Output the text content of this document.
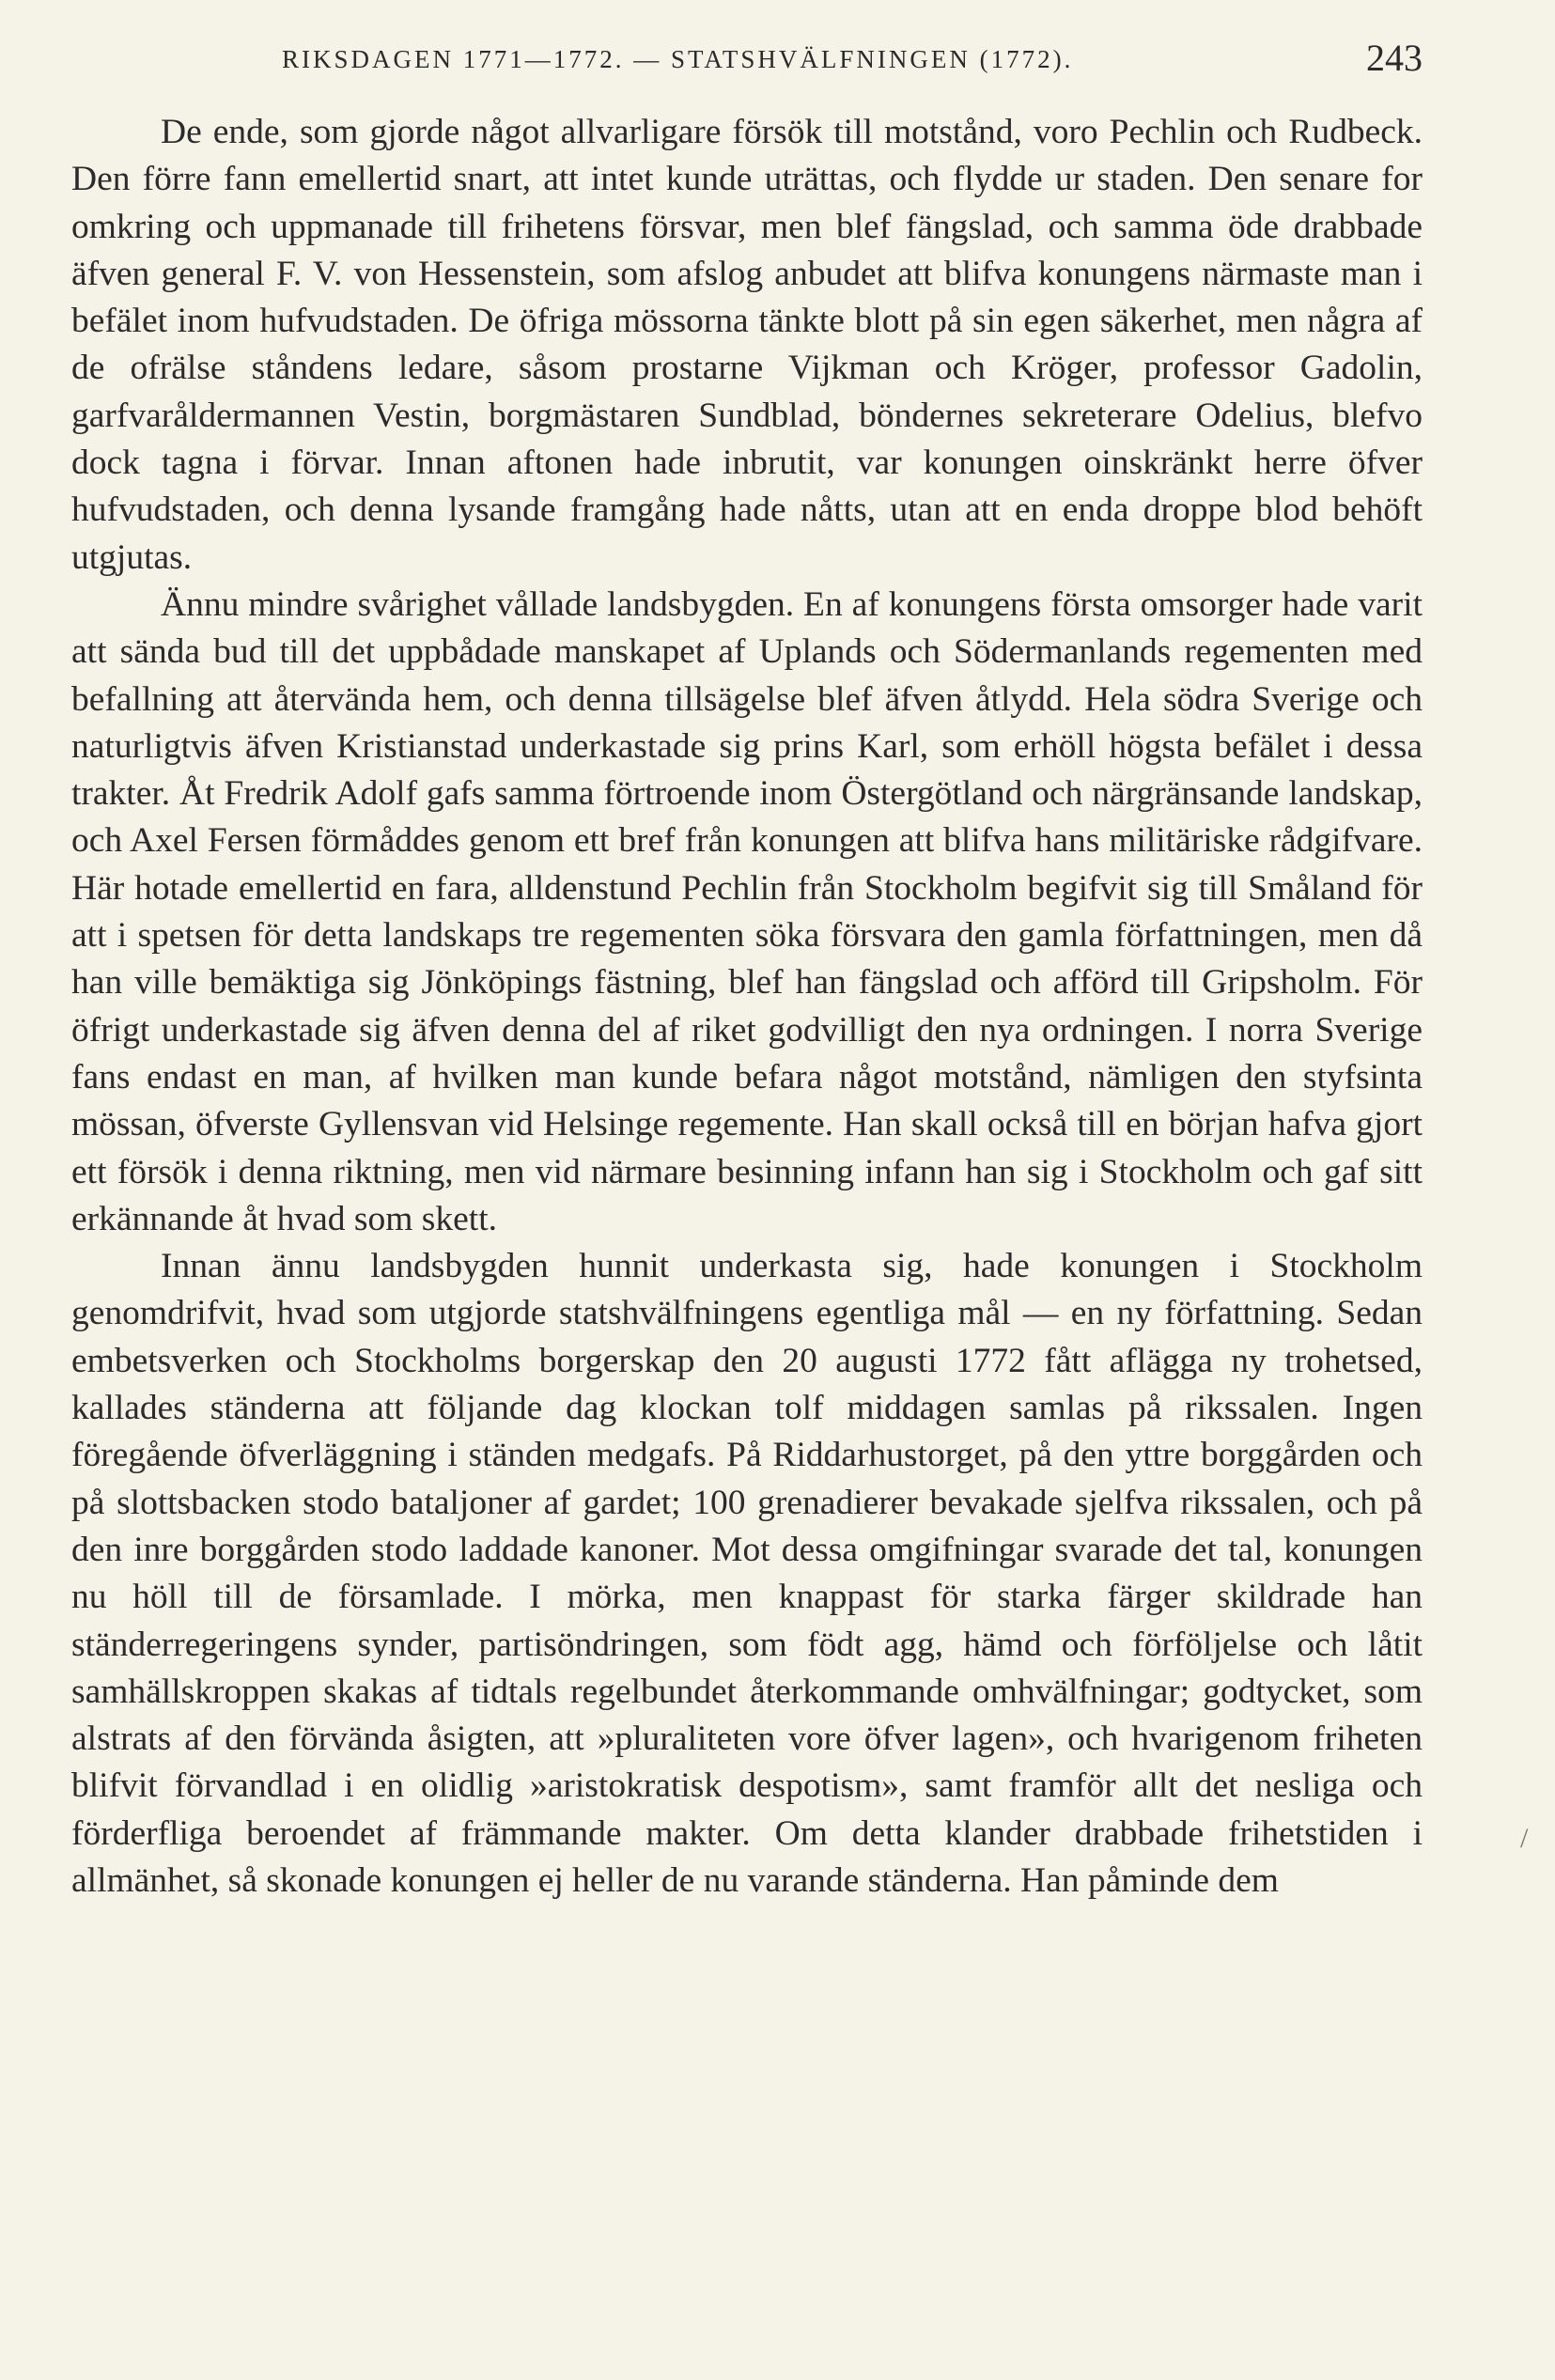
RIKSDAGEN 1771—1772. — STATSHVÄLFNINGEN (1772).	243

De ende, som gjorde något allvarligare försök till motstånd, voro Pechlin och Rudbeck. Den förre fann emellertid snart, att intet kunde uträttas, och flydde ur staden. Den senare for omkring och uppmanade till frihetens försvar, men blef fängslad, och samma öde drabbade äfven general F. V. von Hessenstein, som afslog anbudet att blifva konungens närmaste man i befälet inom hufvudstaden. De öfriga mössorna tänkte blott på sin egen säkerhet, men några af de ofrälse ståndens ledare, såsom prostarne Vijkman och Kröger, professor Gadolin, garfvaråldermannen Vestin, borgmästaren Sundblad, böndernes sekreterare Odelius, blefvo dock tagna i förvar. Innan aftonen hade inbrutit, var konungen oinskränkt herre öfver hufvudstaden, och denna lysande framgång hade nåtts, utan att en enda droppe blod behöft utgjutas.

Ännu mindre svårighet vållade landsbygden. En af konungens första omsorger hade varit att sända bud till det uppbådade manskapet af Uplands och Södermanlands regementen med befallning att återvända hem, och denna tillsägelse blef äfven åtlydd. Hela södra Sverige och naturligtvis äfven Kristianstad underkastade sig prins Karl, som erhöll högsta befälet i dessa trakter. Åt Fredrik Adolf gafs samma förtroende inom Östergötland och närgränsande landskap, och Axel Fersen förmåddes genom ett bref från konungen att blifva hans militäriske rådgifvare. Här hotade emellertid en fara, alldenstund Pechlin från Stockholm begifvit sig till Småland för att i spetsen för detta landskaps tre regementen söka försvara den gamla författningen, men då han ville bemäktiga sig Jönköpings fästning, blef han fängslad och afförd till Gripsholm. För öfrigt underkastade sig äfven denna del af riket godvilligt den nya ordningen. I norra Sverige fans endast en man, af hvilken man kunde befara något motstånd, nämligen den styfsinta mössan, öfverste Gyllensvan vid Helsinge regemente. Han skall också till en början hafva gjort ett försök i denna riktning, men vid närmare besinning infann han sig i Stockholm och gaf sitt erkännande åt hvad som skett.

Innan ännu landsbygden hunnit underkasta sig, hade konungen i Stockholm genomdrifvit, hvad som utgjorde statshvälfningens egentliga mål — en ny författning. Sedan embetsverken och Stockholms borgerskap den 20 augusti 1772 fått aflägga ny trohetsed, kallades ständerna att följande dag klockan tolf middagen samlas på rikssalen. Ingen föregående öfverläggning i ständen medgafs. På Riddarhustorget, på den yttre borggården och på slottsbacken stodo bataljoner af gardet; 100 grenadierer bevakade sjelfva rikssalen, och på den inre borggården stodo laddade kanoner. Mot dessa omgifningar svarade det tal, konungen nu höll till de församlade. I mörka, men knappast för starka färger skildrade han ständerregeringens synder, partisöndringen, som födt agg, hämd och förföljelse och låtit samhällskroppen skakas af tidtals regelbundet återkommande omhvälfningar; godtycket, som alstrats af den förvända åsigten, att »pluraliteten vore öfver lagen», och hvarigenom friheten blifvit förvandlad i en olidlig »aristokratisk despotism», samt framför allt det nesliga och förderfliga beroendet af främmande makter. Om detta klander drabbade frihetstiden i allmänhet, så skonade konungen ej heller de nu varande ständerna. Han påminde dem

/
